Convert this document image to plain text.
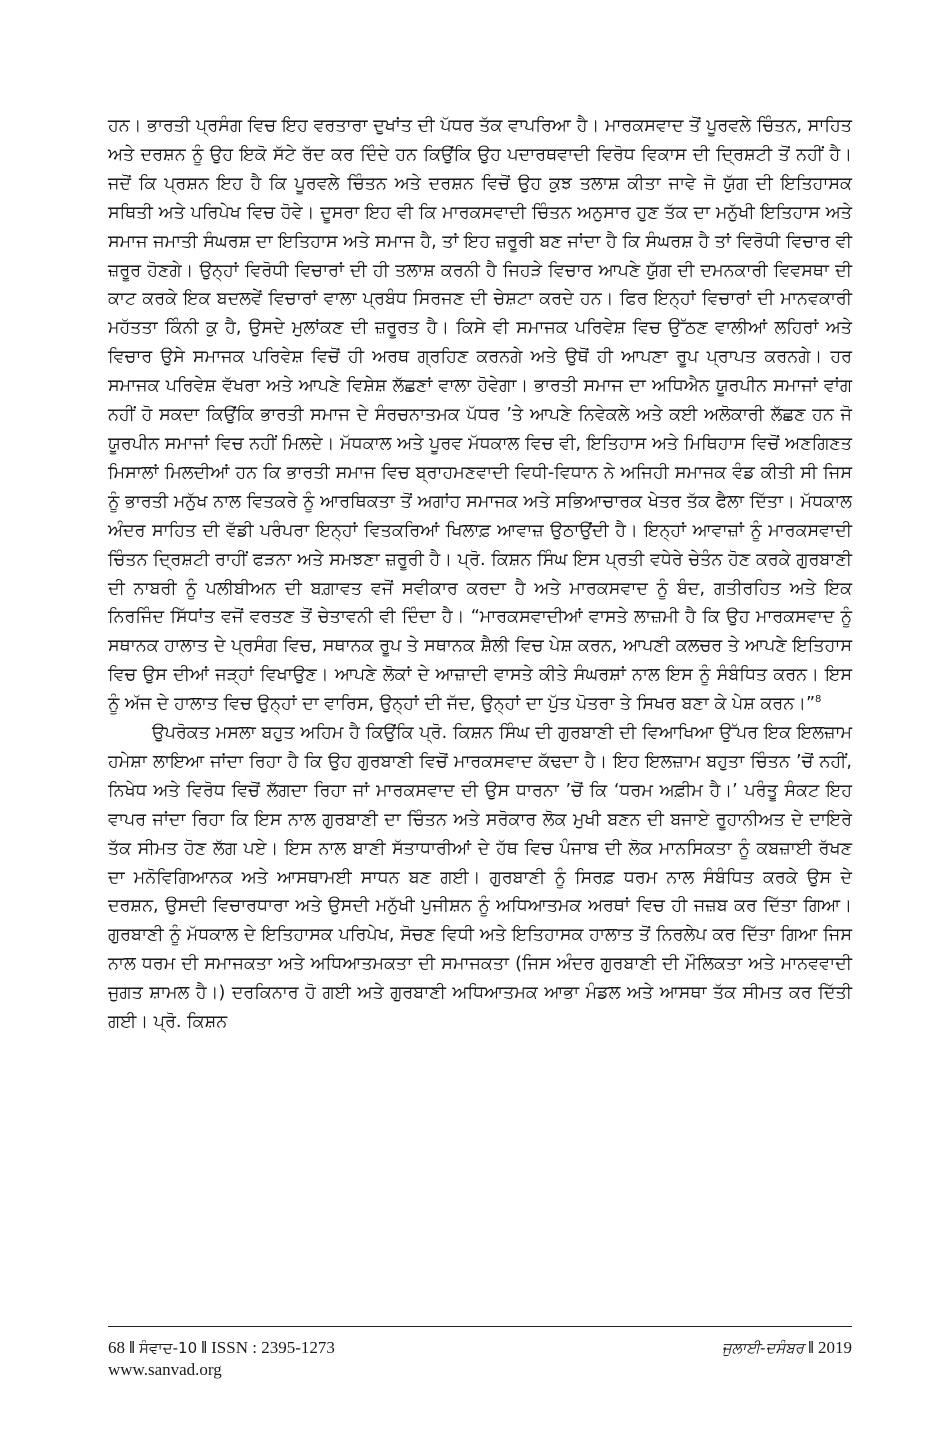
ਹਨ। ਭਾਰਤੀ ਪ੍ਰਸੰਗ ਵਿਚ ਇਹ ਵਰਤਾਰਾ ਦੁਖਾਂਤ ਦੀ ਪੱਧਰ ਤੱਕ ਵਾਪਰਿਆ ਹੈ। ਮਾਰਕਸਵਾਦ ਤੋਂ ਪੂਰਵਲੇ ਚਿੰਤਨ, ਸਾਹਿਤ ਅਤੇ ਦਰਸ਼ਨ ਨੂੰ ਉਹ ਇਕੋ ਸੱਟੇ ਰੱਦ ਕਰ ਦਿੰਦੇ ਹਨ ਕਿਉਂਕਿ ਉਹ ਪਦਾਰਥਵਾਦੀ ਵਿਰੋਧ ਵਿਕਾਸ ਦੀ ਦ੍ਰਿਸ਼ਟੀ ਤੋਂ ਨਹੀਂ ਹੈ। ਜਦੋਂ ਕਿ ਪ੍ਰਸ਼ਨ ਇਹ ਹੈ ਕਿ ਪੂਰਵਲੇ ਚਿੰਤਨ ਅਤੇ ਦਰਸ਼ਨ ਵਿਚੋਂ ਉਹ ਕੁਝ ਤਲਾਸ਼ ਕੀਤਾ ਜਾਵੇ ਜੋ ਯੁੱਗ ਦੀ ਇਤਿਹਾਸਕ ਸਥਿਤੀ ਅਤੇ ਪਰਿਪੇਖ ਵਿਚ ਹੋਵੇ। ਦੂਸਰਾ ਇਹ ਵੀ ਕਿ ਮਾਰਕਸਵਾਦੀ ਚਿੰਤਨ ਅਨੁਸਾਰ ਹੁਣ ਤੱਕ ਦਾ ਮਨੁੱਖੀ ਇਤਿਹਾਸ ਅਤੇ ਸਮਾਜ ਜਮਾਤੀ ਸੰਘਰਸ਼ ਦਾ ਇਤਿਹਾਸ ਅਤੇ ਸਮਾਜ ਹੈ, ਤਾਂ ਇਹ ਜ਼ਰੂਰੀ ਬਣ ਜਾਂਦਾ ਹੈ ਕਿ ਸੰਘਰਸ਼ ਹੈ ਤਾਂ ਵਿਰੋਧੀ ਵਿਚਾਰ ਵੀ ਜ਼ਰੂਰ ਹੋਣਗੇ। ਉਨ੍ਹਾਂ ਵਿਰੋਧੀ ਵਿਚਾਰਾਂ ਦੀ ਹੀ ਤਲਾਸ਼ ਕਰਨੀ ਹੈ ਜਿਹੜੇ ਵਿਚਾਰ ਆਪਣੇ ਯੁੱਗ ਦੀ ਦਮਨਕਾਰੀ ਵਿਵਸਥਾ ਦੀ ਕਾਟ ਕਰਕੇ ਇਕ ਬਦਲਵੇਂ ਵਿਚਾਰਾਂ ਵਾਲਾ ਪ੍ਰਬੰਧ ਸਿਰਜਣ ਦੀ ਚੇਸ਼ਟਾ ਕਰਦੇ ਹਨ। ਫਿਰ ਇਨ੍ਹਾਂ ਵਿਚਾਰਾਂ ਦੀ ਮਾਨਵਕਾਰੀ ਮਹੱਤਤਾ ਕਿੰਨੀ ਕੁ ਹੈ, ਉਸਦੇ ਮੁਲਾਂਕਣ ਦੀ ਜ਼ਰੂਰਤ ਹੈ। ਕਿਸੇ ਵੀ ਸਮਾਜਕ ਪਰਿਵੇਸ਼ ਵਿਚ ਉੱਠਣ ਵਾਲੀਆਂ ਲਹਿਰਾਂ ਅਤੇ ਵਿਚਾਰ ਉਸੇ ਸਮਾਜਕ ਪਰਿਵੇਸ਼ ਵਿਚੋਂ ਹੀ ਅਰਥ ਗ੍ਰਹਿਣ ਕਰਨਗੇ ਅਤੇ ਉਥੋਂ ਹੀ ਆਪਣਾ ਰੂਪ ਪ੍ਰਾਪਤ ਕਰਨਗੇ। ਹਰ ਸਮਾਜਕ ਪਰਿਵੇਸ਼ ਵੱਖਰਾ ਅਤੇ ਆਪਣੇ ਵਿਸ਼ੇਸ਼ ਲੱਛਣਾਂ ਵਾਲਾ ਹੋਵੇਗਾ। ਭਾਰਤੀ ਸਮਾਜ ਦਾ ਅਧਿਐਨ ਯੂਰਪੀਨ ਸਮਾਜਾਂ ਵਾਂਗ ਨਹੀਂ ਹੋ ਸਕਦਾ ਕਿਉਂਕਿ ਭਾਰਤੀ ਸਮਾਜ ਦੇ ਸੰਰਚਨਾਤਮਕ ਪੱਧਰ ’ਤੇ ਆਪਣੇ ਨਿਵੇਕਲੇ ਅਤੇ ਕਈ ਅਲੋਕਾਰੀ ਲੱਛਣ ਹਨ ਜੋ ਯੂਰਪੀਨ ਸਮਾਜਾਂ ਵਿਚ ਨਹੀਂ ਮਿਲਦੇ। ਮੱਧਕਾਲ ਅਤੇ ਪੂਰਵ ਮੱਧਕਾਲ ਵਿਚ ਵੀ, ਇਤਿਹਾਸ ਅਤੇ ਮਿਥਿਹਾਸ ਵਿਚੋਂ ਅਣਗਿਣਤ ਮਿਸਾਲਾਂ ਮਿਲਦੀਆਂ ਹਨ ਕਿ ਭਾਰਤੀ ਸਮਾਜ ਵਿਚ ਬ੍ਰਾਹਮਣਵਾਦੀ ਵਿਧੀ-ਵਿਧਾਨ ਨੇ ਅਜਿਹੀ ਸਮਾਜਕ ਵੰਡ ਕੀਤੀ ਸੀ ਜਿਸ ਨੂੰ ਭਾਰਤੀ ਮਨੁੱਖ ਨਾਲ ਵਿਤਕਰੇ ਨੂੰ ਆਰਥਿਕਤਾ ਤੋਂ ਅਗਾਂਹ ਸਮਾਜਕ ਅਤੇ ਸਭਿਆਚਾਰਕ ਖੇਤਰ ਤੱਕ ਫੈਲਾ ਦਿੱਤਾ। ਮੱਧਕਾਲ ਅੰਦਰ ਸਾਹਿਤ ਦੀ ਵੱਡੀ ਪਰੰਪਰਾ ਇਨ੍ਹਾਂ ਵਿਤਕਰਿਆਂ ਖਿਲਾਫ਼ ਆਵਾਜ਼ ਉਠਾਉਂਦੀ ਹੈ। ਇਨ੍ਹਾਂ ਆਵਾਜ਼ਾਂ ਨੂੰ ਮਾਰਕਸਵਾਦੀ ਚਿੰਤਨ ਦ੍ਰਿਸ਼ਟੀ ਰਾਹੀਂ ਫੜਨਾ ਅਤੇ ਸਮਝਣਾ ਜ਼ਰੂਰੀ ਹੈ। ਪ੍ਰੋ. ਕਿਸ਼ਨ ਸਿੰਘ ਇਸ ਪ੍ਰਤੀ ਵਧੇਰੇ ਚੇਤੰਨ ਹੋਣ ਕਰਕੇ ਗੁਰਬਾਣੀ ਦੀ ਨਾਬਰੀ ਨੂੰ ਪਲੀਬੀਅਨ ਦੀ ਬਗ਼ਾਵਤ ਵਜੋਂ ਸਵੀਕਾਰ ਕਰਦਾ ਹੈ ਅਤੇ ਮਾਰਕਸਵਾਦ ਨੂੰ ਬੰਦ, ਗਤੀਰਹਿਤ ਅਤੇ ਇਕ ਨਿਰਜਿੰਦ ਸਿੱਧਾਂਤ ਵਜੋਂ ਵਰਤਣ ਤੋਂ ਚੇਤਾਵਨੀ ਵੀ ਦਿੰਦਾ ਹੈ। “ਮਾਰਕਸਵਾਦੀਆਂ ਵਾਸਤੇ ਲਾਜ਼ਮੀ ਹੈ ਕਿ ਉਹ ਮਾਰਕਸਵਾਦ ਨੂੰ ਸਥਾਨਕ ਹਾਲਾਤ ਦੇ ਪ੍ਰਸੰਗ ਵਿਚ, ਸਥਾਨਕ ਰੂਪ ਤੇ ਸਥਾਨਕ ਸ਼ੈਲੀ ਵਿਚ ਪੇਸ਼ ਕਰਨ, ਆਪਣੀ ਕਲਚਰ ਤੇ ਆਪਣੇ ਇਤਿਹਾਸ ਵਿਚ ਉਸ ਦੀਆਂ ਜੜ੍ਹਾਂ ਵਿਖਾਉਣ। ਆਪਣੇ ਲੋਕਾਂ ਦੇ ਆਜ਼ਾਦੀ ਵਾਸਤੇ ਕੀਤੇ ਸੰਘਰਸ਼ਾਂ ਨਾਲ ਇਸ ਨੂੰ ਸੰਬੰਧਿਤ ਕਰਨ। ਇਸ ਨੂੰ ਅੱਜ ਦੇ ਹਾਲਾਤ ਵਿਚ ਉਨ੍ਹਾਂ ਦਾ ਵਾਰਿਸ, ਉਨ੍ਹਾਂ ਦੀ ਜੱਦ, ਉਨ੍ਹਾਂ ਦਾ ਪੁੱਤ ਪੋਤਰਾ ਤੇ ਸਿਖਰ ਬਣਾ ਕੇ ਪੇਸ਼ ਕਰਨ।”$^8$

ਉਪਰੋਕਤ ਮਸਲਾ ਬਹੁਤ ਅਹਿਮ ਹੈ ਕਿਉਂਕਿ ਪ੍ਰੋ. ਕਿਸ਼ਨ ਸਿੰਘ ਦੀ ਗੁਰਬਾਣੀ ਦੀ ਵਿਆਖਿਆ ਉੱਪਰ ਇਕ ਇਲਜ਼ਾਮ ਹਮੇਸ਼ਾ ਲਾਇਆ ਜਾਂਦਾ ਰਿਹਾ ਹੈ ਕਿ ਉਹ ਗੁਰਬਾਣੀ ਵਿਚੋਂ ਮਾਰਕਸਵਾਦ ਕੱਢਦਾ ਹੈ। ਇਹ ਇਲਜ਼ਾਮ ਬਹੁਤਾ ਚਿੰਤਨ ’ਚੋਂ ਨਹੀਂ, ਨਿਖੇਧ ਅਤੇ ਵਿਰੋਧ ਵਿਚੋਂ ਲੱਗਦਾ ਰਿਹਾ ਜਾਂ ਮਾਰਕਸਵਾਦ ਦੀ ਉਸ ਧਾਰਨਾ ’ਚੋਂ ਕਿ ‘ਧਰਮ ਅਫ਼ੀਮ ਹੈ।’ ਪਰੰਤੂ ਸੰਕਟ ਇਹ ਵਾਪਰ ਜਾਂਦਾ ਰਿਹਾ ਕਿ ਇਸ ਨਾਲ ਗੁਰਬਾਣੀ ਦਾ ਚਿੰਤਨ ਅਤੇ ਸਰੋਕਾਰ ਲੋਕ ਮੁਖੀ ਬਣਨ ਦੀ ਬਜਾਏ ਰੂਹਾਨੀਅਤ ਦੇ ਦਾਇਰੇ ਤੱਕ ਸੀਮਤ ਹੋਣ ਲੱਗ ਪਏ। ਇਸ ਨਾਲ ਬਾਣੀ ਸੱਤਾਧਾਰੀਆਂ ਦੇ ਹੱਥ ਵਿਚ ਪੰਜਾਬ ਦੀ ਲੋਕ ਮਾਨਸਿਕਤਾ ਨੂੰ ਕਬਜ਼ਾਈ ਰੱਖਣ ਦਾ ਮਨੋਵਿਗਿਆਨਕ ਅਤੇ ਆਸਥਾਮਈ ਸਾਧਨ ਬਣ ਗਈ। ਗੁਰਬਾਣੀ ਨੂੰ ਸਿਰਫ਼ ਧਰਮ ਨਾਲ ਸੰਬੰਧਿਤ ਕਰਕੇ ਉਸ ਦੇ ਦਰਸ਼ਨ, ਉਸਦੀ ਵਿਚਾਰਧਾਰਾ ਅਤੇ ਉਸਦੀ ਮਨੁੱਖੀ ਪੁਜੀਸ਼ਨ ਨੂੰ ਅਧਿਆਤਮਕ ਅਰਥਾਂ ਵਿਚ ਹੀ ਜਜ਼ਬ ਕਰ ਦਿੱਤਾ ਗਿਆ। ਗੁਰਬਾਣੀ ਨੂੰ ਮੱਧਕਾਲ ਦੇ ਇਤਿਹਾਸਕ ਪਰਿਪੇਖ, ਸੋਚਣ ਵਿਧੀ ਅਤੇ ਇਤਿਹਾਸਕ ਹਾਲਾਤ ਤੋਂ ਨਿਰਲੇਪ ਕਰ ਦਿੱਤਾ ਗਿਆ ਜਿਸ ਨਾਲ ਧਰਮ ਦੀ ਸਮਾਜਕਤਾ ਅਤੇ ਅਧਿਆਤਮਕਤਾ ਦੀ ਸਮਾਜਕਤਾ (ਜਿਸ ਅੰਦਰ ਗੁਰਬਾਣੀ ਦੀ ਮੌਲਿਕਤਾ ਅਤੇ ਮਾਨਵਵਾਦੀ ਜੁਗਤ ਸ਼ਾਮਲ ਹੈ।) ਦਰਕਿਨਾਰ ਹੋ ਗਈ ਅਤੇ ਗੁਰਬਾਣੀ ਅਧਿਆਤਮਕ ਆਭਾ ਮੰਡਲ ਅਤੇ ਆਸਥਾ ਤੱਕ ਸੀਮਤ ਕਰ ਦਿੱਤੀ ਗਈ। ਪ੍ਰੋ. ਕਿਸ਼ਨ

68 ‖ ਸੰਵਾਦ-10 ‖ ISSN : 2395-1273
www.sanvad.org
ਜੁਲਾਈ-ਦਸੰਬਰ ‖ 2019
